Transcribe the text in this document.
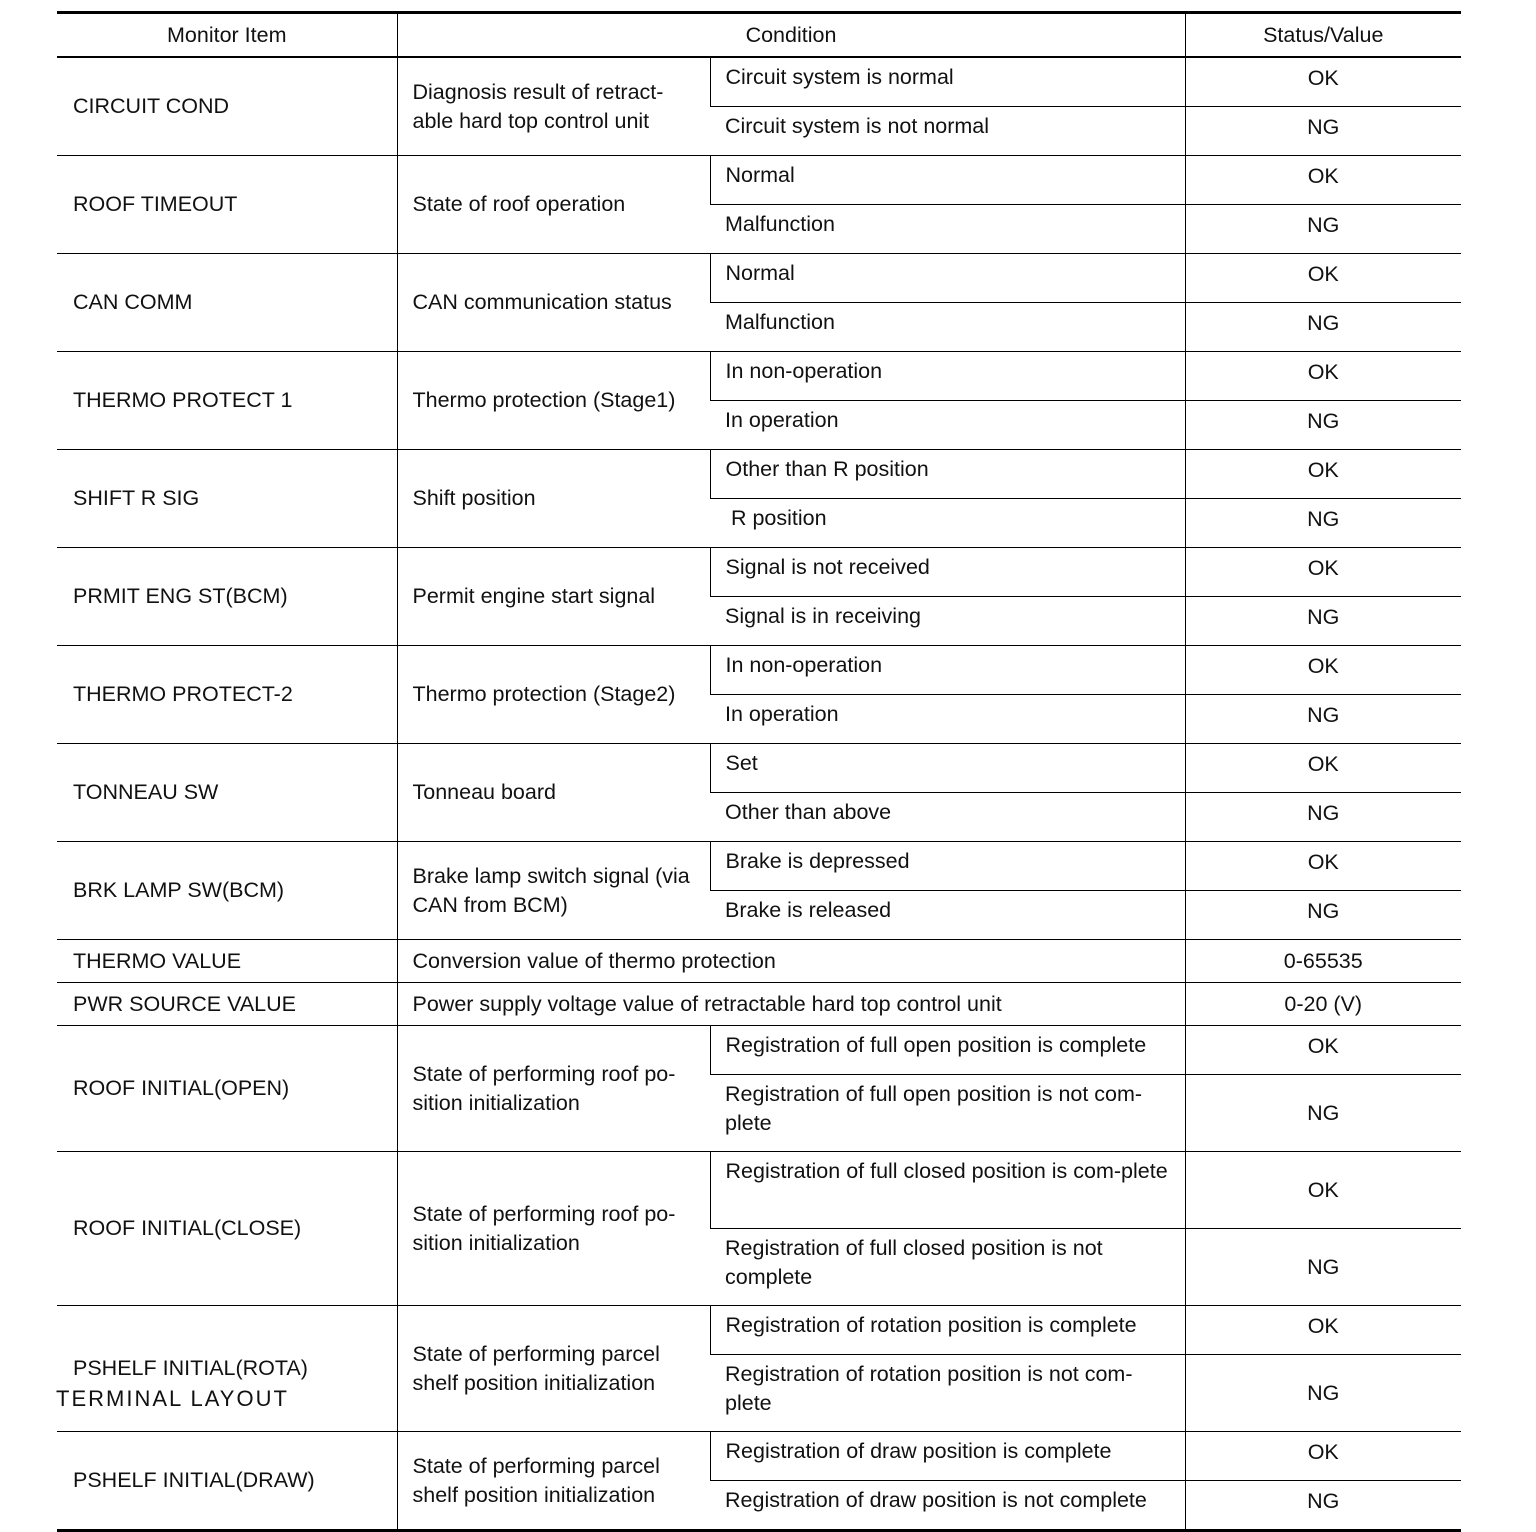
Monitor Item	Condition		Status/Value
CIRCUIT COND	Diagnosis result of retract-able hard top control unit	Circuit system is normal	OK
		Circuit system is not normal	NG
ROOF TIMEOUT	State of roof operation	Normal	OK
		Malfunction	NG
CAN COMM	CAN communication status	Normal	OK
		Malfunction	NG
THERMO PROTECT 1	Thermo protection (Stage1)	In non-operation	OK
		In operation	NG
SHIFT R SIG	Shift position	Other than R position	OK
		R position	NG
PRMIT ENG ST(BCM)	Permit engine start signal	Signal is not received	OK
		Signal is in receiving	NG
THERMO PROTECT-2	Thermo protection (Stage2)	In non-operation	OK
		In operation	NG
TONNEAU SW	Tonneau board	Set	OK
		Other than above	NG
BRK LAMP SW(BCM)	Brake lamp switch signal (via CAN from BCM)	Brake is depressed	OK
		Brake is released	NG
THERMO VALUE	Conversion value of thermo protection		0-65535
PWR SOURCE VALUE	Power supply voltage value of retractable hard top control unit		0-20 (V)
ROOF INITIAL(OPEN)	State of performing roof po-sition initialization	Registration of full open position is complete	OK
		Registration of full open position is not com-plete	NG
ROOF INITIAL(CLOSE)	State of performing roof po-sition initialization	Registration of full closed position is com-plete	OK
		Registration of full closed position is not complete	NG
PSHELF INITIAL(ROTA)	State of performing parcel shelf position initialization	Registration of rotation position is complete	OK
		Registration of rotation position is not com-plete	NG
PSHELF INITIAL(DRAW)	State of performing parcel shelf position initialization	Registration of draw position is complete	OK
		Registration of draw position is not complete	NG
TERMINAL LAYOUT
